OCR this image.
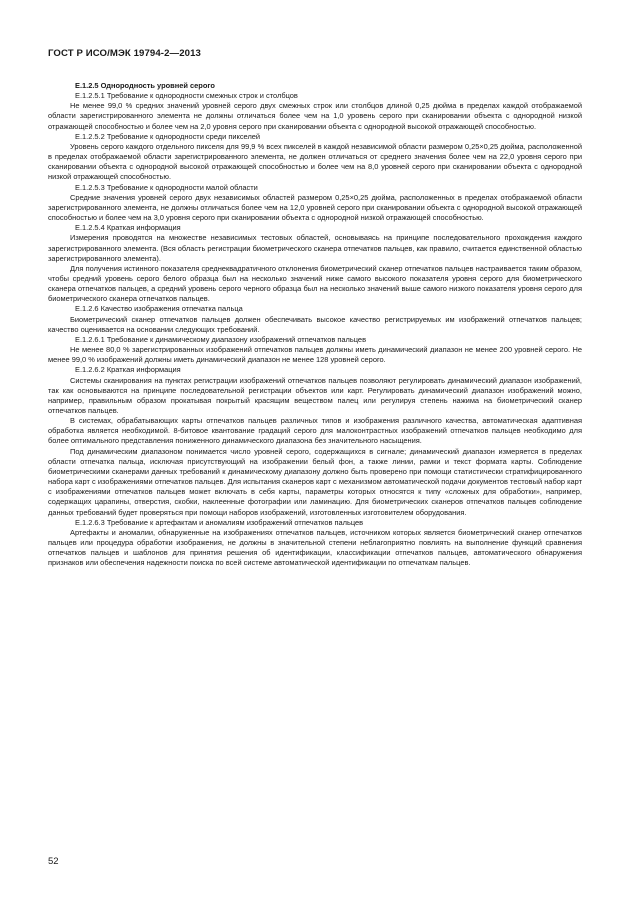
ГОСТ Р ИСО/МЭК 19794-2—2013

Е.1.2.5 Однородность уровней серого

Е.1.2.5.1 Требование к однородности смежных строк и столбцов

Не менее 99,0 % средних значений уровней серого двух смежных строк или столбцов длиной 0,25 дюйма в пределах каждой отображаемой области зарегистрированного элемента не должны отличаться более чем на 1,0 уровень серого при сканировании объекта с однородной низкой отражающей способностью и более чем на 2,0 уровня серого при сканировании объекта с однородной высокой отражающей способностью.

Е.1.2.5.2 Требование к однородности среди пикселей

Уровень серого каждого отдельного пикселя для 99,9 % всех пикселей в каждой независимой области размером 0,25×0,25 дюйма, расположенной в пределах отображаемой области зарегистрированного элемента, не должен отличаться от среднего значения более чем на 22,0 уровня серого при сканировании объекта с однородной высокой отражающей способностью и более чем на 8,0 уровней серого при сканировании объекта с однородной низкой отражающей способностью.

Е.1.2.5.3 Требование к однородности малой области

Средние значения уровней серого двух независимых областей размером 0,25×0,25 дюйма, расположенных в пределах отображаемой области зарегистрированного элемента, не должны отличаться более чем на 12,0 уровней серого при сканировании объекта с однородной высокой отражающей способностью и более чем на 3,0 уровня серого при сканировании объекта с однородной низкой отражающей способностью.

Е.1.2.5.4 Краткая информация

Измерения проводятся на множестве независимых тестовых областей, основываясь на принципе последовательного прохождения каждого зарегистрированного элемента. (Вся область регистрации биометрического сканера отпечатков пальцев, как правило, считается единственной областью зарегистрированного элемента).

Для получения истинного показателя среднеквадратичного отклонения биометрический сканер отпечатков пальцев настраивается таким образом, чтобы средний уровень серого белого образца был на несколько значений ниже самого высокого показателя уровня серого для биометрического сканера отпечатков пальцев, а средний уровень серого черного образца был на несколько значений выше самого низкого показателя уровня серого для биометрического сканера отпечатков пальцев.

Е.1.2.6 Качество изображения отпечатка пальца

Биометрический сканер отпечатков пальцев должен обеспечивать высокое качество регистрируемых им изображений отпечатков пальцев; качество оценивается на основании следующих требований.

Е.1.2.6.1 Требование к динамическому диапазону изображений отпечатков пальцев

Не менее 80,0 % зарегистрированных изображений отпечатков пальцев должны иметь динамический диапазон не менее 200 уровней серого. Не менее 99,0 % изображений должны иметь динамический диапазон не менее 128 уровней серого.

Е.1.2.6.2 Краткая информация

Системы сканирования на пунктах регистрации изображений отпечатков пальцев позволяют регулировать динамический диапазон изображений, так как основываются на принципе последовательной регистрации объектов или карт. Регулировать динамический диапазон изображений можно, например, правильным образом прокатывая покрытый красящим веществом палец или регулируя степень нажима на биометрический сканер отпечатков пальцев.

В системах, обрабатывающих карты отпечатков пальцев различных типов и изображения различного качества, автоматическая адаптивная обработка является необходимой. 8-битовое квантование градаций серого для малоконтрастных изображений отпечатков пальцев необходимо для более оптимального представления пониженного динамического диапазона без значительного насыщения.

Под динамическим диапазоном понимается число уровней серого, содержащихся в сигнале; динамический диапазон измеряется в пределах области отпечатка пальца, исключая присутствующий на изображении белый фон, а также линии, рамки и текст формата карты. Соблюдение биометрическими сканерами данных требований к динамическому диапазону должно быть проверено при помощи статистически стратифицированного набора карт с изображениями отпечатков пальцев. Для испытания сканеров карт с механизмом автоматической подачи документов тестовый набор карт с изображениями отпечатков пальцев может включать в себя карты, параметры которых относятся к типу «сложных для обработки», например, содержащих царапины, отверстия, скобки, наклеенные фотографии или ламинацию. Для биометрических сканеров отпечатков пальцев соблюдение данных требований будет проверяться при помощи наборов изображений, изготовленных изготовителем оборудования.

Е.1.2.6.3 Требование к артефактам и аномалиям изображений отпечатков пальцев

Артефакты и аномалии, обнаруженные на изображениях отпечатков пальцев, источником которых является биометрический сканер отпечатков пальцев или процедура обработки изображения, не должны в значительной степени неблагоприятно повлиять на выполнение функций сравнения отпечатков пальцев и шаблонов для принятия решения об идентификации, классификации отпечатков пальцев, автоматического обнаружения признаков или обеспечения надежности поиска по всей системе автоматической идентификации по отпечаткам пальцев.

52
